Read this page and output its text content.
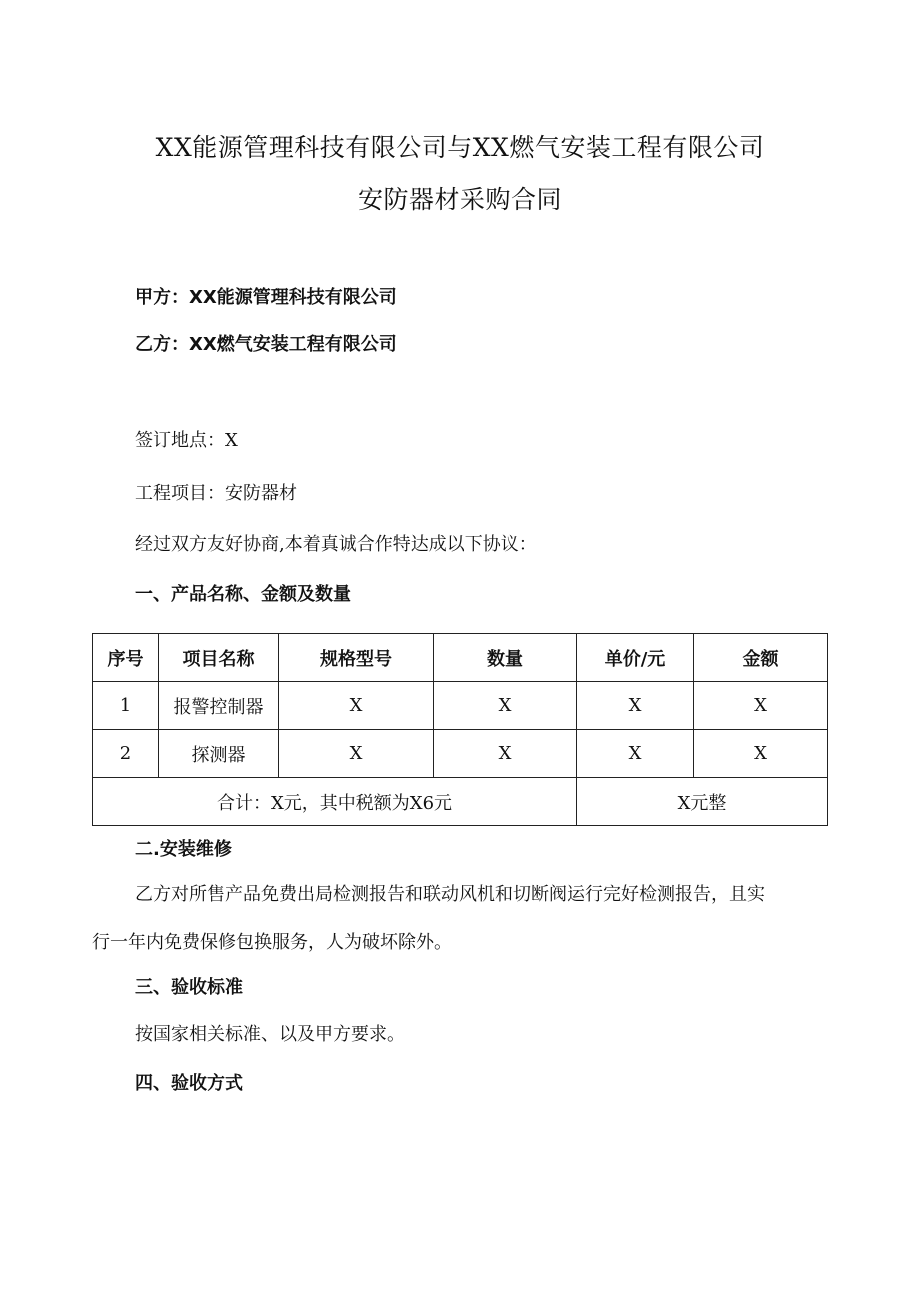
XX能源管理科技有限公司与XX燃气安装工程有限公司
安防器材采购合同
甲方：XX能源管理科技有限公司
乙方：XX燃气安装工程有限公司
签订地点：X
工程项目：安防器材
经过双方友好协商,本着真诚合作特达成以下协议：
一、产品名称、金额及数量
序号	项目名称	规格型号	数量	单价/元	金额
1	报警控制器	X	X	X	X
2	探测器	X	X	X	X
合计：X元，其中税额为X6元				X元整	
二.安装维修
乙方对所售产品免费出局检测报告和联动风机和切断阀运行完好检测报告，且实
行一年内免费保修包换服务，人为破坏除外。
三、验收标准
按国家相关标准、以及甲方要求。
四、验收方式
